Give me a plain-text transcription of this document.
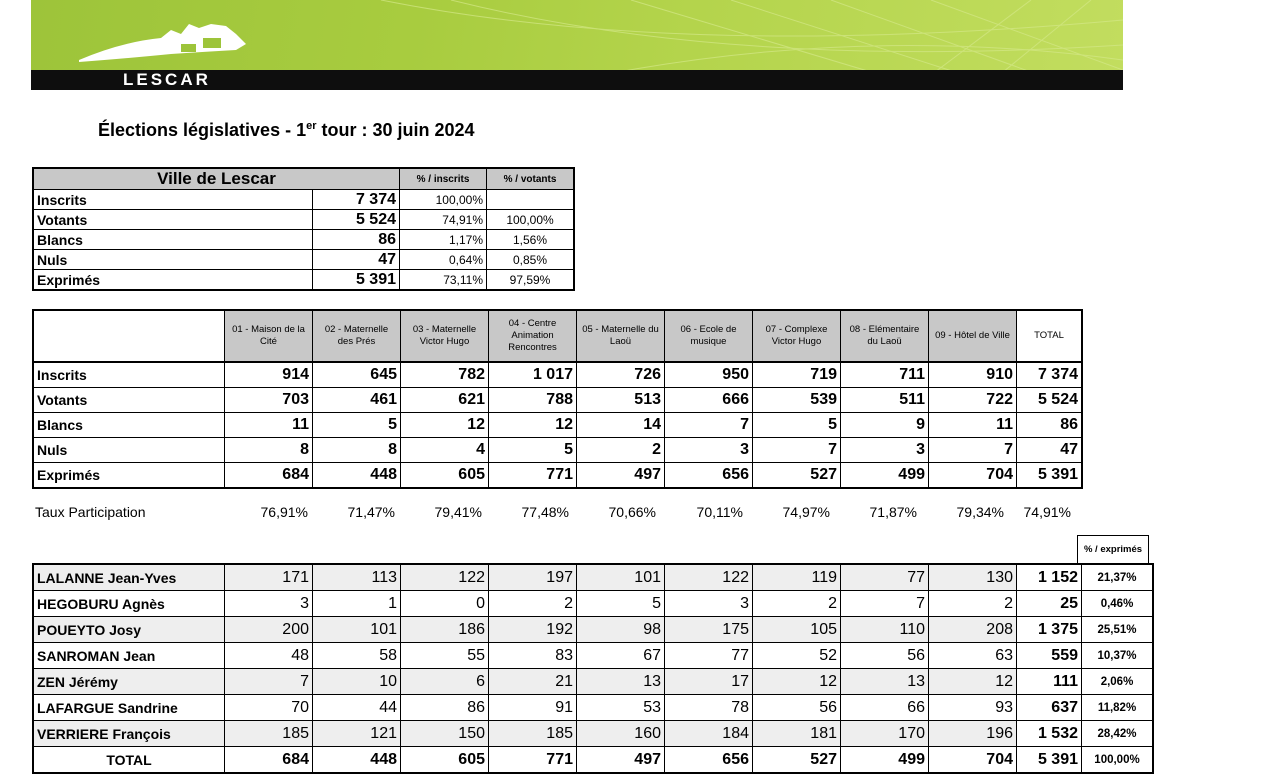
LESCAR
Élections législatives - 1er tour : 30 juin 2024
Ville de Lescar		% / inscrits	% / votants
Inscrits	7 374	100,00%	
Votants	5 524	74,91%	100,00%
Blancs	86	1,17%	1,56%
Nuls	47	0,64%	0,85%
Exprimés	5 391	73,11%	97,59%
	01 - Maison de la Cité	02 - Maternelle des Prés	03 - Maternelle Victor Hugo	04 - Centre Animation Rencontres	05 - Maternelle du Laoü	06 - Ecole de musique	07 - Complexe Victor Hugo	08 - Elémentaire du Laoü	09 - Hôtel de Ville	TOTAL
Inscrits	914	645	782	1 017	726	950	719	711	910	7 374
Votants	703	461	621	788	513	666	539	511	722	5 524
Blancs	11	5	12	12	14	7	5	9	11	86
Nuls	8	8	4	5	2	3	7	3	7	47
Exprimés	684	448	605	771	497	656	527	499	704	5 391
Taux Participation	76,91%	71,47%	79,41%	77,48%	70,66%	70,11%	74,97%	71,87%	79,34%	74,91%
% / exprimés
LALANNE Jean-Yves	171	113	122	197	101	122	119	77	130	1 152	21,37%
HEGOBURU Agnès	3	1	0	2	5	3	2	7	2	25	0,46%
POUEYTO Josy	200	101	186	192	98	175	105	110	208	1 375	25,51%
SANROMAN Jean	48	58	55	83	67	77	52	56	63	559	10,37%
ZEN Jérémy	7	10	6	21	13	17	12	13	12	111	2,06%
LAFARGUE Sandrine	70	44	86	91	53	78	56	66	93	637	11,82%
VERRIERE François	185	121	150	185	160	184	181	170	196	1 532	28,42%
TOTAL	684	448	605	771	497	656	527	499	704	5 391	100,00%
